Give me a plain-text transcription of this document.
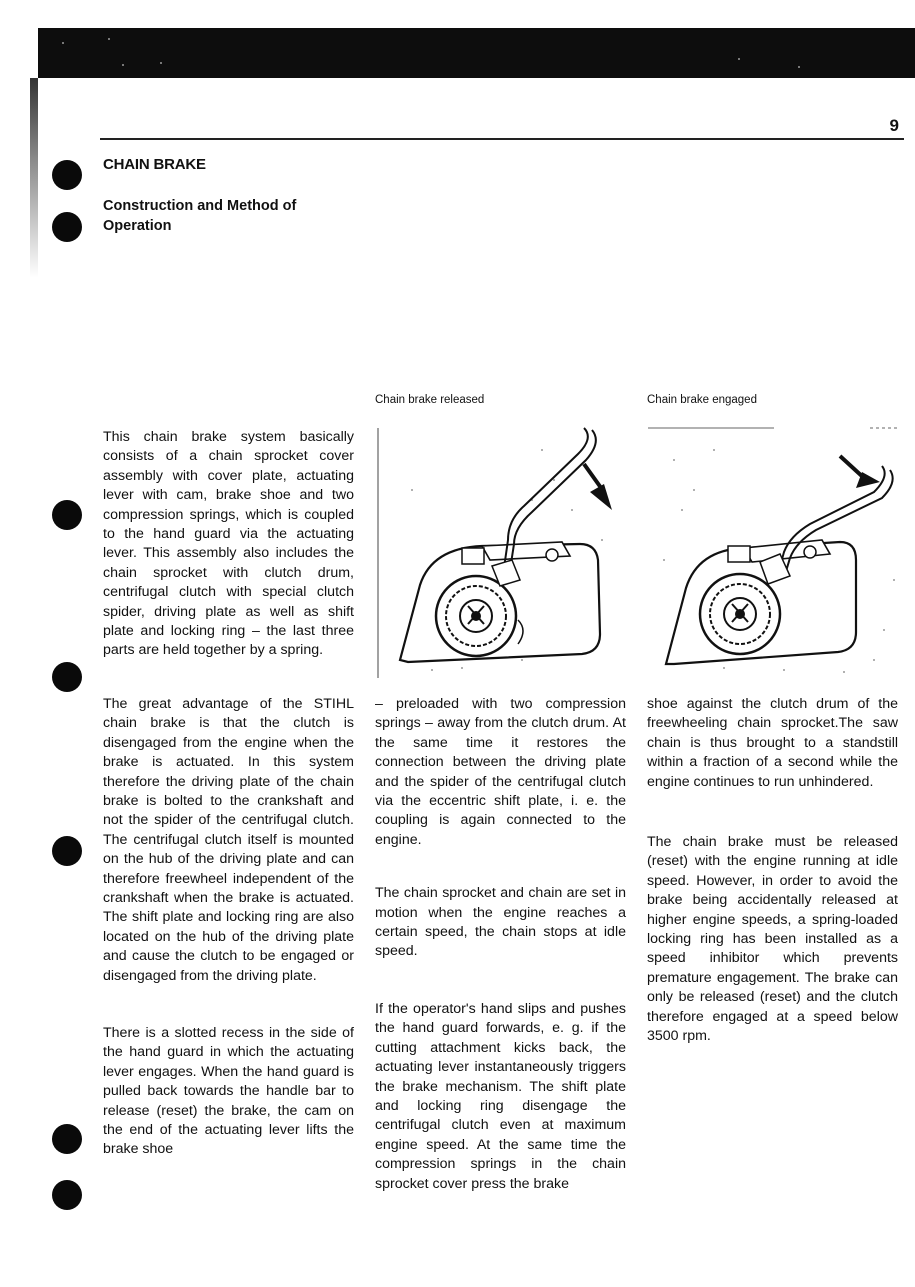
9
CHAIN BRAKE
Construction and Method of Operation
Chain brake released	Chain brake engaged

This chain brake system basically consists of a chain sprocket cover assembly with cover plate, actuating lever with cam, brake shoe and two compression springs, which is coupled to the hand guard via the actuating lever. This assembly also includes the chain sprocket with clutch drum, centrifugal clutch with special clutch spider, driving plate as well as shift plate and locking ring – the last three parts are held together by a spring.

The great advantage of the STIHL chain brake is that the clutch is disengaged from the engine when the brake is actuated. In this system therefore the driving plate of the chain brake is bolted to the crankshaft and not the spider of the centrifugal clutch. The centrifugal clutch itself is mounted on the hub of the driving plate and can therefore freewheel independent of the crankshaft when the brake is actuated. The shift plate and locking ring are also located on the hub of the driving plate and cause the clutch to be engaged or disengaged from the driving plate.

There is a slotted recess in the side of the hand guard in which the actuating lever engages. When the hand guard is pulled back towards the handle bar to release (reset) the brake, the cam on the end of the actuating lever lifts the brake shoe

– preloaded with two compression springs – away from the clutch drum. At the same time it restores the connection between the driving plate and the spider of the centrifugal clutch via the eccentric shift plate, i. e. the coupling is again connected to the engine.

The chain sprocket and chain are set in motion when the engine reaches a certain speed, the chain stops at idle speed.

If the operator's hand slips and pushes the hand guard forwards, e. g. if the cutting attachment kicks back, the actuating lever instantaneously triggers the brake mechanism. The shift plate and locking ring disengage the centrifugal clutch even at maximum engine speed. At the same time the compression springs in the chain sprocket cover press the brake

shoe against the clutch drum of the freewheeling chain sprocket.The saw chain is thus brought to a standstill within a fraction of a second while the engine continues to run unhindered.

The chain brake must be released (reset) with the engine running at idle speed. However, in order to avoid the brake being accidentally released at higher engine speeds, a spring-loaded locking ring has been installed as a speed inhibitor which prevents premature engagement. The brake can only be released (reset) and the clutch therefore engaged at a speed below 3500 rpm.
